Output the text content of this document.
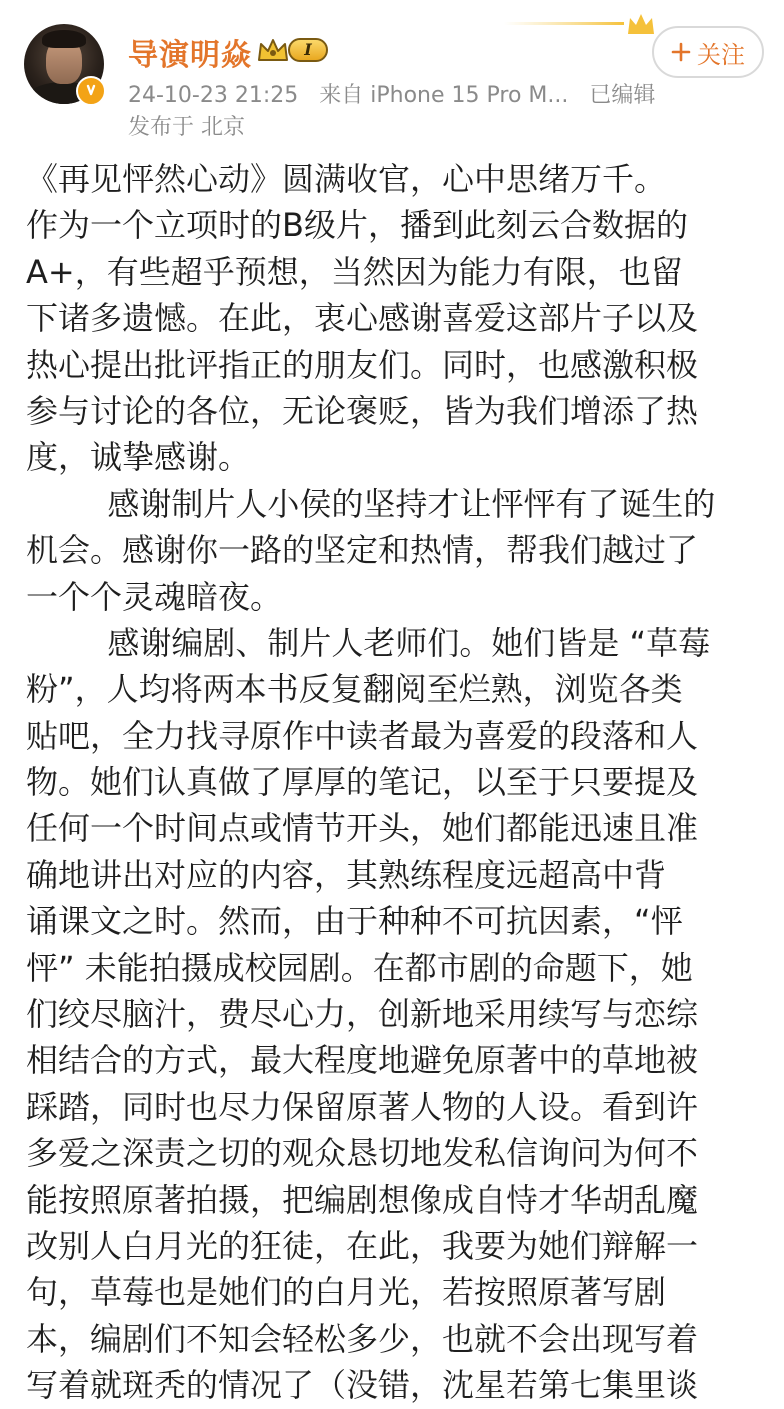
导演明焱	I	关注
24-10-23 21:25 来自 iPhone 15 Pro M... 已编辑
发布于 北京
《再见怦然心动》圆满收官，心中思绪万千。
作为一个立项时的B级片，播到此刻云合数据的
A+，有些超乎预想，当然因为能力有限，也留
下诸多遗憾。在此，衷心感谢喜爱这部片子以及
热心提出批评指正的朋友们。同时，也感激积极
参与讨论的各位，无论褒贬，皆为我们增添了热
度，诚挚感谢。
感谢制片人小侯的坚持才让怦怦有了诞生的
机会。感谢你一路的坚定和热情，帮我们越过了
一个个灵魂暗夜。
感谢编剧、制片人老师们。她们皆是 “草莓
粉”，人均将两本书反复翻阅至烂熟，浏览各类
贴吧，全力找寻原作中读者最为喜爱的段落和人
物。她们认真做了厚厚的笔记，以至于只要提及
任何一个时间点或情节开头，她们都能迅速且准
确地讲出对应的内容，其熟练程度远超高中背
诵课文之时。然而，由于种种不可抗因素，“怦
怦” 未能拍摄成校园剧。在都市剧的命题下，她
们绞尽脑汁，费尽心力，创新地采用续写与恋综
相结合的方式，最大程度地避免原著中的草地被
踩踏，同时也尽力保留原著人物的人设。看到许
多爱之深责之切的观众恳切地发私信询问为何不
能按照原著拍摄，把编剧想像成自恃才华胡乱魔
改别人白月光的狂徒，在此，我要为她们辩解一
句，草莓也是她们的白月光，若按照原著写剧
本，编剧们不知会轻松多少，也就不会出现写着
写着就斑秃的情况了（没错，沈星若第七集里谈
